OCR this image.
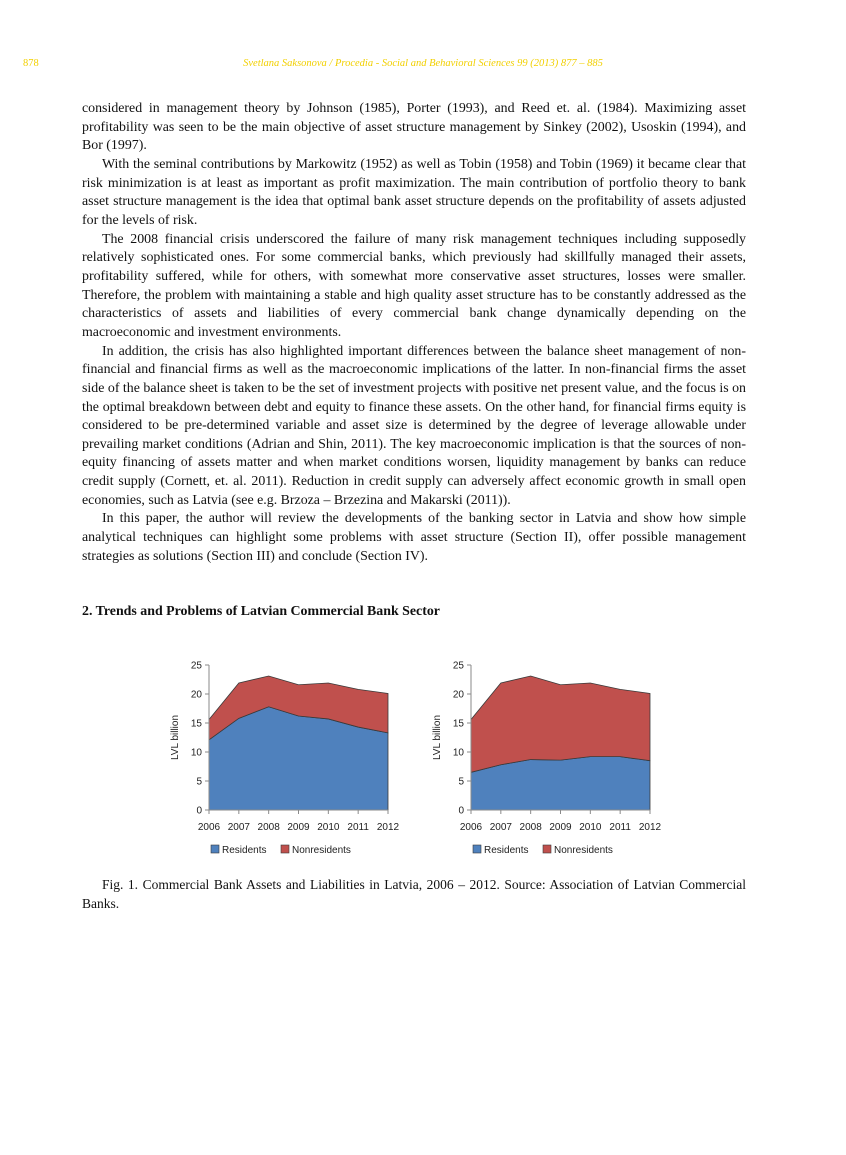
878	Svetlana Saksonova / Procedia - Social and Behavioral Sciences 99 (2013) 877 – 885

considered in management theory by Johnson (1985), Porter (1993), and Reed et. al. (1984). Maximizing asset profitability was seen to be the main objective of asset structure management by Sinkey (2002), Usoskin (1994), and Bor (1997).

With the seminal contributions by Markowitz (1952) as well as Tobin (1958) and Tobin (1969) it became clear that risk minimization is at least as important as profit maximization. The main contribution of portfolio theory to bank asset structure management is the idea that optimal bank asset structure depends on the profitability of assets adjusted for the levels of risk.

The 2008 financial crisis underscored the failure of many risk management techniques including supposedly relatively sophisticated ones. For some commercial banks, which previously had skillfully managed their assets, profitability suffered, while for others, with somewhat more conservative asset structures, losses were smaller. Therefore, the problem with maintaining a stable and high quality asset structure has to be constantly addressed as the characteristics of assets and liabilities of every commercial bank change dynamically depending on the macroeconomic and investment environments.

In addition, the crisis has also highlighted important differences between the balance sheet management of non-financial and financial firms as well as the macroeconomic implications of the latter. In non-financial firms the asset side of the balance sheet is taken to be the set of investment projects with positive net present value, and the focus is on the optimal breakdown between debt and equity to finance these assets. On the other hand, for financial firms equity is considered to be pre-determined variable and asset size is determined by the degree of leverage allowable under prevailing market conditions (Adrian and Shin, 2011). The key macroeconomic implication is that the sources of non-equity financing of assets matter and when market conditions worsen, liquidity management by banks can reduce credit supply (Cornett, et. al. 2011). Reduction in credit supply can adversely affect economic growth in small open economies, such as Latvia (see e.g. Brzoza – Brzezina and Makarski (2011)).

In this paper, the author will review the developments of the banking sector in Latvia and show how simple analytical techniques can highlight some problems with asset structure (Section II), offer possible management strategies as solutions (Section III) and conclude (Section IV).

2. Trends and Problems of Latvian Commercial Bank Sector
0
5
10
15
20
25
2006 2007 2008 2009 2010 2011 2012
LVL billion
Residents	Nonresidents
0
5
10
15
20
25
2006 2007 2008 2009 2010 2011 2012
LVL billion
Residents	Nonresidents

Fig. 1. Commercial Bank Assets and Liabilities in Latvia, 2006 – 2012. Source: Association of Latvian Commercial Banks.
